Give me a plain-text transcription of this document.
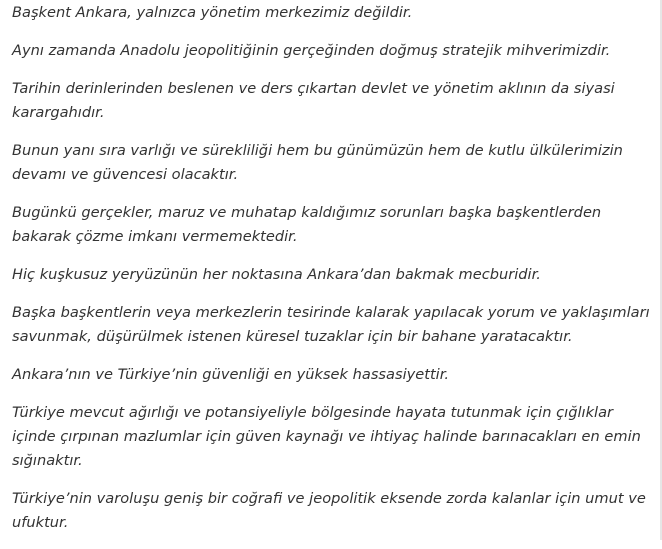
Başkent Ankara, yalnızca yönetim merkezimiz değildir.

Aynı zamanda Anadolu jeopolitiğinin gerçeğinden doğmuş stratejik mihverimizdir.

Tarihin derinlerinden beslenen ve ders çıkartan devlet ve yönetim aklının da siyasi karargahıdır.

Bunun yanı sıra varlığı ve sürekliliği hem bu günümüzün hem de kutlu ülkülerimizin devamı ve güvencesi olacaktır.

Bugünkü gerçekler, maruz ve muhatap kaldığımız sorunları başka başkentlerden bakarak çözme imkanı vermemektedir.

Hiç kuşkusuz yeryüzünün her noktasına Ankara’dan bakmak mecburidir.

Başka başkentlerin veya merkezlerin tesirinde kalarak yapılacak yorum ve yaklaşımları savunmak, düşürülmek istenen küresel tuzaklar için bir bahane yaratacaktır.

Ankara’nın ve Türkiye’nin güvenliği en yüksek hassasiyettir.

Türkiye mevcut ağırlığı ve potansiyeliyle bölgesinde hayata tutunmak için çığlıklar içinde çırpınan mazlumlar için güven kaynağı ve ihtiyaç halinde barınacakları en emin sığınaktır.

Türkiye’nin varoluşu geniş bir coğrafi ve jeopolitik eksende zorda kalanlar için umut ve ufuktur.
